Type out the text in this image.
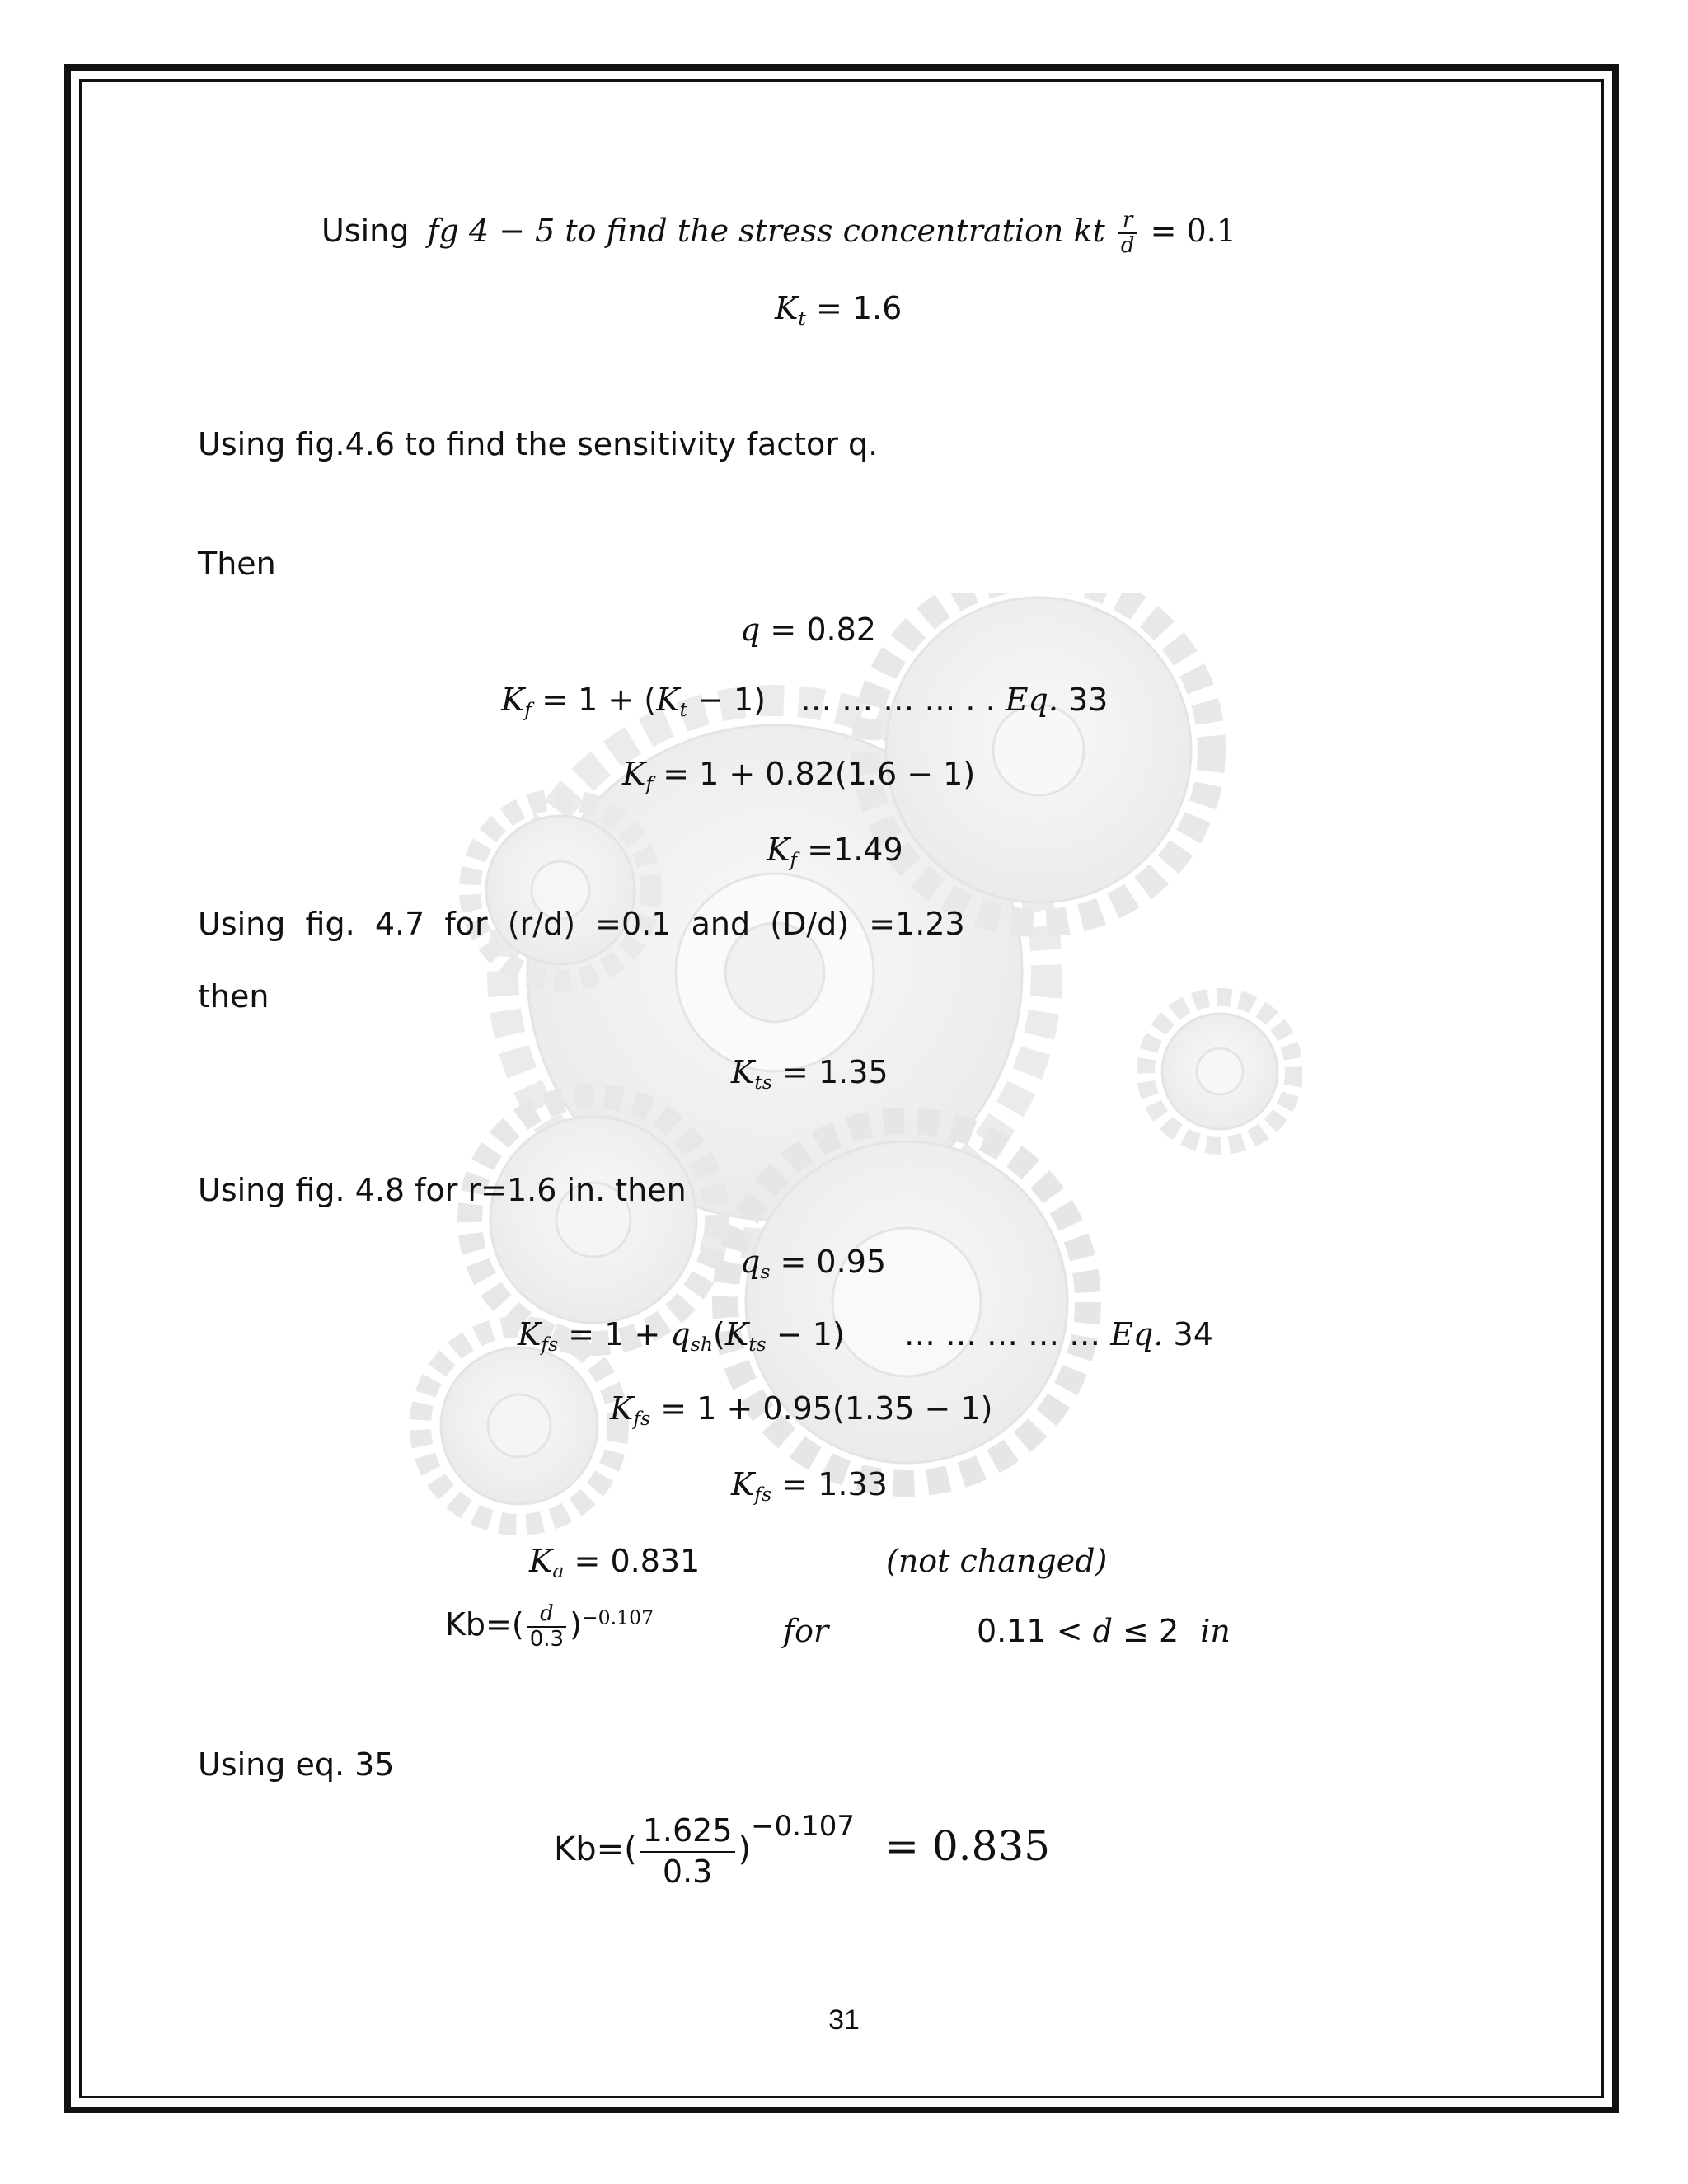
Using fg 4 − 5 to find the stress concentration kt $\frac{r}{d} = 0.1$
Kt = 1.6
Using fig.4.6 to find the sensitivity factor q.
Then
q = 0.82
Kf = 1 + (Kt − 1) … … … … . . Eq. 33
Kf = 1 + 0.82(1.6 − 1)
Kf =1.49
Using  fig.  4.7  for  (r/d)  =0.1  and  (D/d)  =1.23
then
Kts = 1.35
Using fig. 4.8 for r=1.6 in. then
qs = 0.95
Kfs = 1 + qsh(Kts − 1) … … … … … Eq. 34
Kfs = 1 + 0.95(1.35 − 1)
Kfs = 1.33
Ka = 0.831	(not changed)
$Kb=( \frac{d}{0.3} )^{-0.107}$	for	0.11 < d ≤ 2 in
Using eq. 35
$Kb=( \frac{1.625}{0.3} )^{-0.107} = 0.835$
31
